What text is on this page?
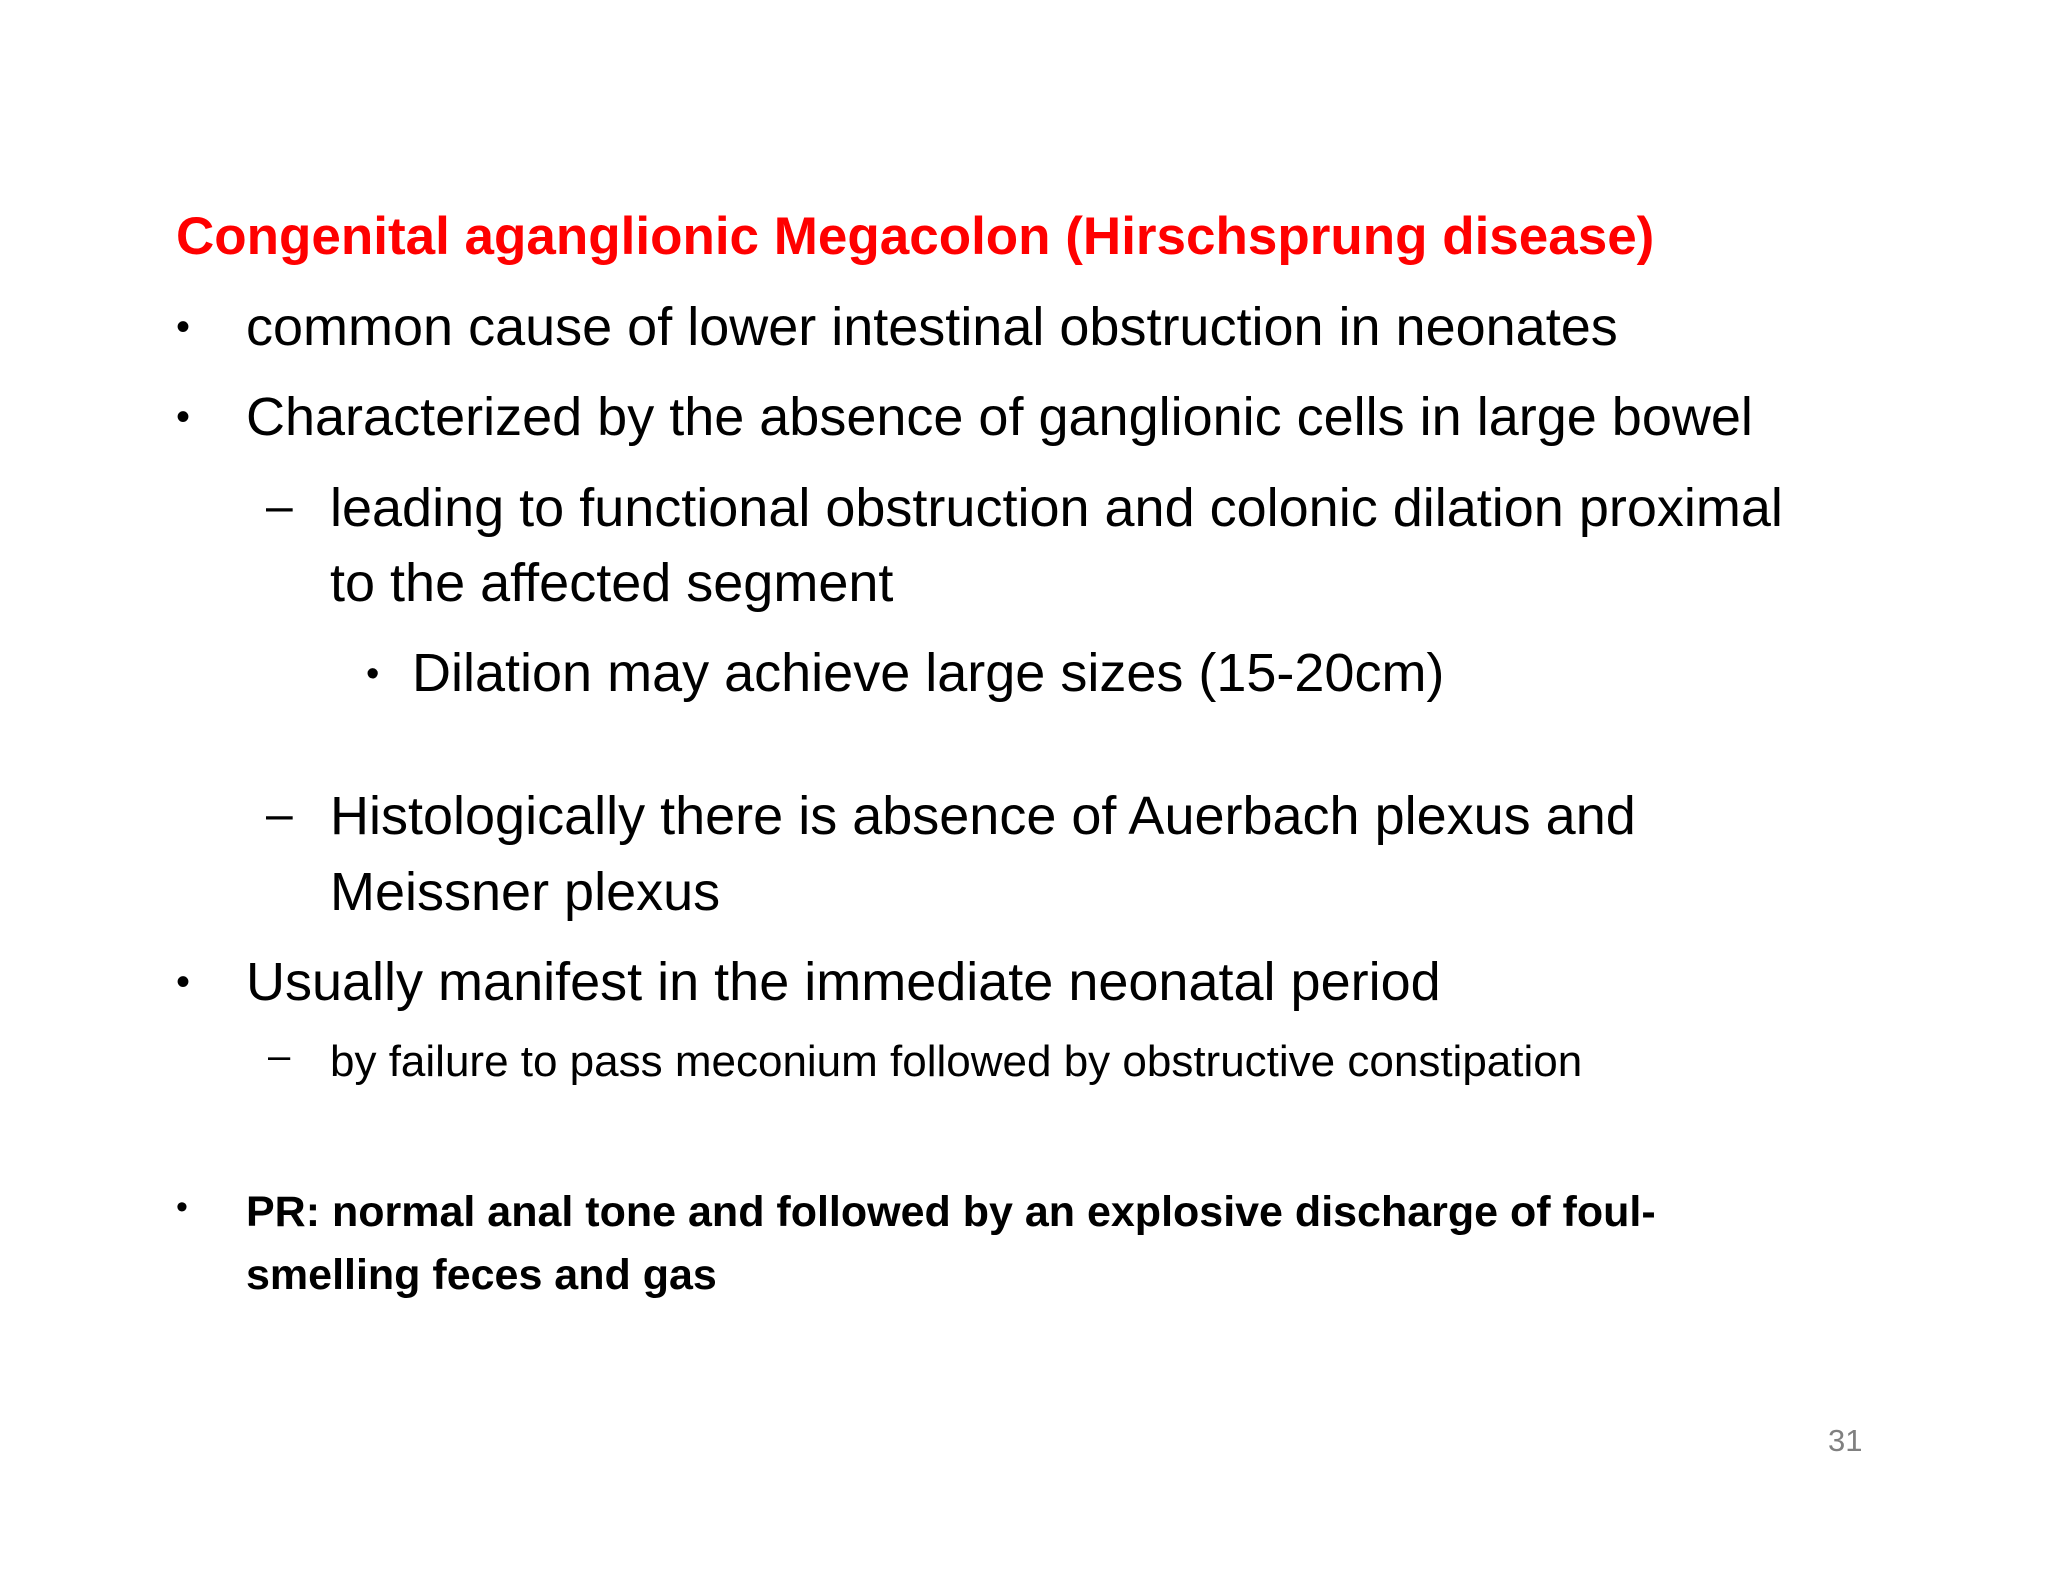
Congenital aganglionic Megacolon (Hirschsprung disease)
• common cause of lower intestinal obstruction in neonates
• Characterized by the absence of ganglionic cells in large bowel
– leading to functional obstruction and colonic dilation proximal
to the affected segment
• Dilation may achieve large sizes (15-20cm)
– Histologically there is absence of Auerbach plexus and
Meissner plexus
• Usually manifest in the immediate neonatal period
– by failure to pass meconium followed by obstructive constipation
• PR: normal anal tone and followed by an explosive discharge of foul-
smelling feces and gas
31
